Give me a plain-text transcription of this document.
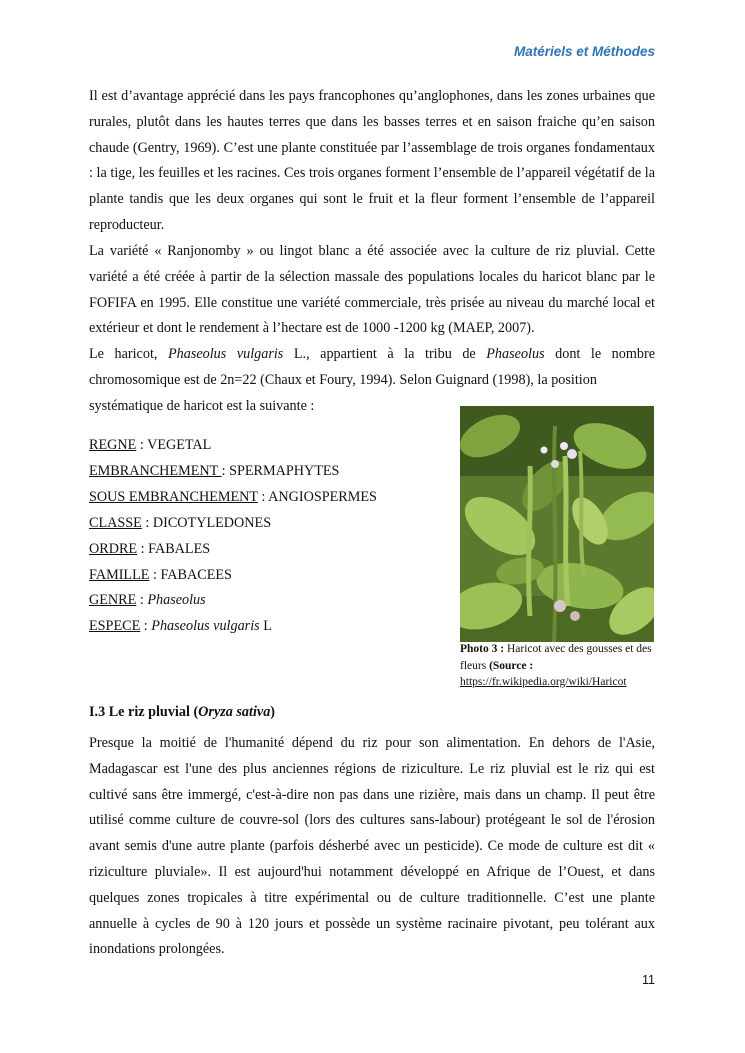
Matériels et Méthodes

Il est d’avantage apprécié dans les pays francophones qu’anglophones, dans les zones urbaines que rurales, plutôt dans les hautes terres que dans les basses terres et en saison fraiche qu’en saison chaude (Gentry, 1969). C’est une plante constituée par l’assemblage de trois organes fondamentaux : la tige, les feuilles et les racines. Ces trois organes forment l’ensemble de l’appareil végétatif de la plante tandis que les deux organes qui sont le fruit et la fleur forment l’ensemble de l’appareil reproducteur.

La variété « Ranjonomby » ou lingot blanc a été associée avec la culture de riz pluvial. Cette variété a été créée à partir de la sélection massale des populations locales du haricot blanc par le FOFIFA en 1995. Elle constitue une variété commerciale, très prisée au niveau du marché local et extérieur et dont le rendement à l’hectare est de 1000 -1200 kg (MAEP, 2007).

Le haricot, Phaseolus vulgaris L., appartient à la tribu de Phaseolus dont le nombre chromosomique est de 2n=22 (Chaux et Foury, 1994). Selon Guignard (1998), la position

systématique de haricot est la suivante :

REGNE : VEGETAL
EMBRANCHEMENT : SPERMAPHYTES
SOUS EMBRANCHEMENT : ANGIOSPERMES
CLASSE : DICOTYLEDONES
ORDRE : FABALES
FAMILLE : FABACEES
GENRE : Phaseolus
ESPECE : Phaseolus vulgaris L

Photo 3 : Haricot avec des gousses et des fleurs (Source :
https://fr.wikipedia.org/wiki/Haricot

I.3 Le riz pluvial (Oryza sativa)

Presque la moitié de l'humanité dépend du riz pour son alimentation. En dehors de l'Asie, Madagascar est l'une des plus anciennes régions de riziculture. Le riz pluvial est le riz qui est cultivé sans être immergé, c'est-à-dire non pas dans une rizière, mais dans un champ. Il peut être utilisé comme culture de couvre-sol (lors des cultures sans-labour) protégeant le sol de l'érosion avant semis d'une autre plante (parfois désherbé avec un pesticide). Ce mode de culture est dit « riziculture pluviale». Il est aujourd'hui notamment développé en Afrique de l’Ouest, et dans quelques zones tropicales à titre expérimental ou de culture traditionnelle. C’est une plante annuelle à cycles de 90 à 120 jours et possède un système racinaire pivotant, peu tolérant aux inondations prolongées.

11
